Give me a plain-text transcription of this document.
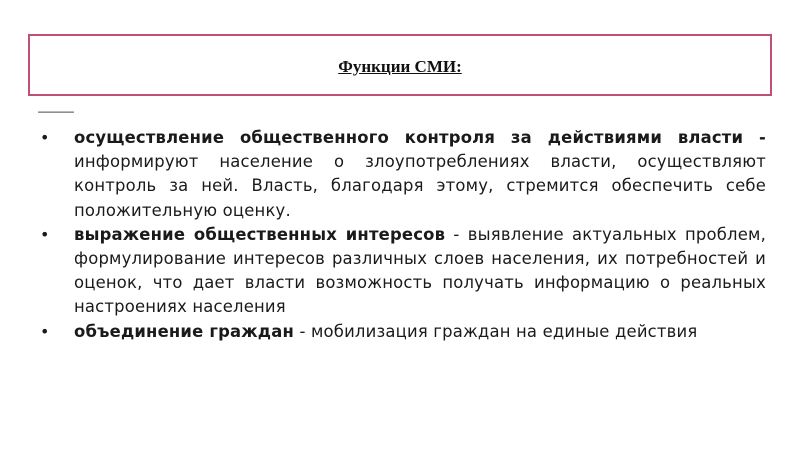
Функции СМИ:
———
• осуществление общественного контроля за действиями власти - информируют население о злоупотреблениях власти, осуществляют контроль за ней. Власть, благодаря этому, стремится обеспечить себе положительную оценку.
• выражение общественных интересов - выявление актуальных проблем, формулирование интересов различных слоев населения, их потребностей и оценок, что дает власти возможность получать информацию о реальных настроениях населения
• объединение граждан - мобилизация граждан на единые действия
